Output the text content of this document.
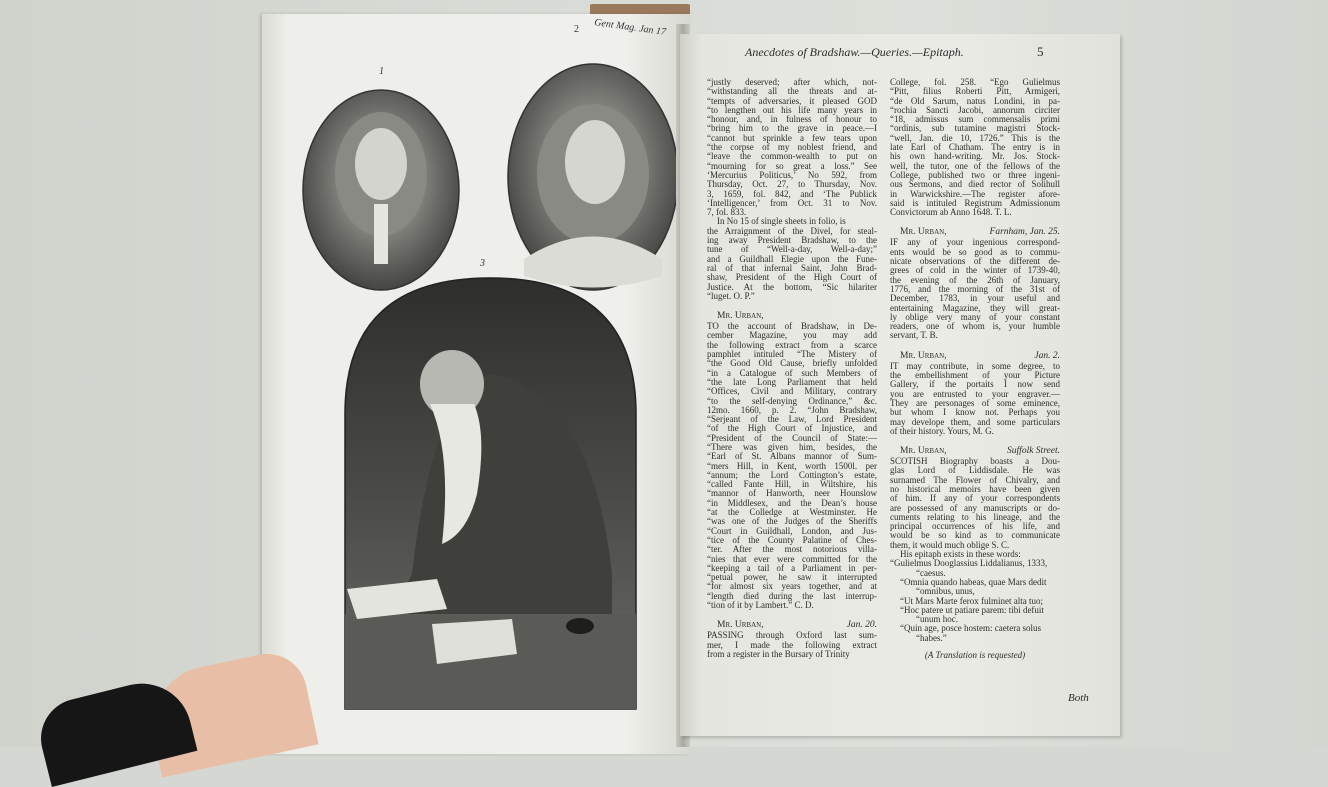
2 Gent Mag. Jan 17
1
3
Anecdotes of Bradshaw.—Queries.—Epitaph.	5
“justly deserved; after which, not-
“withstanding all the threats and at-
“tempts of adversaries, it pleased GOD
“to lengthen out his life many years in
“honour, and, in fulness of honour to
“bring him to the grave in peace.—I
“cannot but sprinkle a few tears upon
“the corpse of my noblest friend, and
“leave the common-wealth to put on
“mourning for so great a loss.” See
‘Mercurius Politicus,’ No 592, from
Thursday, Oct. 27, to Thursday, Nov.
3, 1659, fol. 842, and ‘The Publick
‘Intelligencer,’ from Oct. 31 to Nov.
7, fol. 833.
In No 15 of single sheets in folio, is
the Arraignment of the Divel, for steal-
ing away President Bradshaw, to the
tune of “Well-a-day, Well-a-day;”
and a Guildhall Elegie upon the Fune-
ral of that infernal Saint, John Brad-
shaw, President of the High Court of
Justice. At the bottom, “Sic hilariter
“luget. O. P.”
Mr. Urban,
TO the account of Bradshaw, in De-
cember Magazine, you may add
the following extract from a scarce
pamphlet intituled “The Mistery of
“the Good Old Cause, briefly unfolded
“in a Catalogue of such Members of
“the late Long Parliament that held
“Offices, Civil and Military, contrary
“to the self-denying Ordinance,” &c.
12mo. 1660, p. 2. “John Bradshaw,
“Serjeant of the Law, Lord President
“of the High Court of Injustice, and
“President of the Council of State:—
“There was given him, besides, the
“Earl of St. Albans mannor of Sum-
“mers Hill, in Kent, worth 1500l. per
“annum; the Lord Cottington’s estate,
“called Fante Hill, in Wiltshire, his
“mannor of Hanworth, neer Hounslow
“in Middlesex, and the Dean’s house
“at the Colledge at Westminster. He
“was one of the Judges of the Sheriffs
“Court in Guildhall, London, and Jus-
“tice of the County Palatine of Ches-
“ter. After the most notorious villa-
“nies that ever were committed for the
“keeping a tail of a Parliament in per-
“petual power, he saw it interrupted
“for almost six years together, and at
“length died during the last interrup-
“tion of it by Lambert.” C. D.
Mr. Urban,	Jan. 20.
PASSING through Oxford last sum-
mer, I made the following extract
from a register in the Bursary of Trinity
College, fol. 258. “Ego Gulielmus
“Pitt, filius Roberti Pitt, Armigeri,
“de Old Sarum, natus Londini, in pa-
“rochia Sancti Jacobi, annorum circiter
“18, admissus sum commensalis primi
“ordinis, sub tutamine magistri Stock-
“well, Jan. die 10, 1726.” This is the
late Earl of Chatham. The entry is in
his own hand-writing. Mr. Jos. Stock-
well, the tutor, one of the fellows of the
College, published two or three ingeni-
ous Sermons, and died rector of Solihull
in Warwickshire.—The register afore-
said is intituled Registrum Admissionum
Convictorum ab Anno 1648. T. L.
Mr. Urban,	Farnham, Jan. 25.
IF any of your ingenious correspond-
ents would be so good as to commu-
nicate observations of the different de-
grees of cold in the winter of 1739-40,
the evening of the 26th of January,
1776, and the morning of the 31st of
December, 1783, in your useful and
entertaining Magazine, they will great-
ly oblige very many of your constant
readers, one of whom is, your humble
servant, T. B.
Mr. Urban,	Jan. 2.
IT may contribute, in some degree, to
the embellishment of your Picture
Gallery, if the portaits I now send
you are entrusted to your engraver.—
They are personages of some eminence,
but whom I know not. Perhaps you
may develope them, and some particulars
of their history. Yours, M. G.
Mr. Urban,	Suffolk Street.
SCOTISH Biography boasts a Dou-
glas Lord of Liddisdale. He was
surnamed The Flower of Chivalry, and
no historical memoirs have been given
of him. If any of your correspondents
are possessed of any manuscripts or do-
cuments relating to his lineage, and the
principal occurrences of his life, and
would be so kind as to communicate
them, it would much oblige S. C.
His epitaph exists in these words:
“Gulielmus Dooglassius Liddalianus, 1333,
“caesus.
“Omnia quando habeas, quae Mars dedit
“omnibus, unus,
“Ut Mars Marte ferox fulminet alta tuo;
“Hoc patere ut patiare parem: tibi defuit
“unum hoc.
“Quin age, posce hostem: caetera solus
“habes.”
(A Translation is requested)
Both
